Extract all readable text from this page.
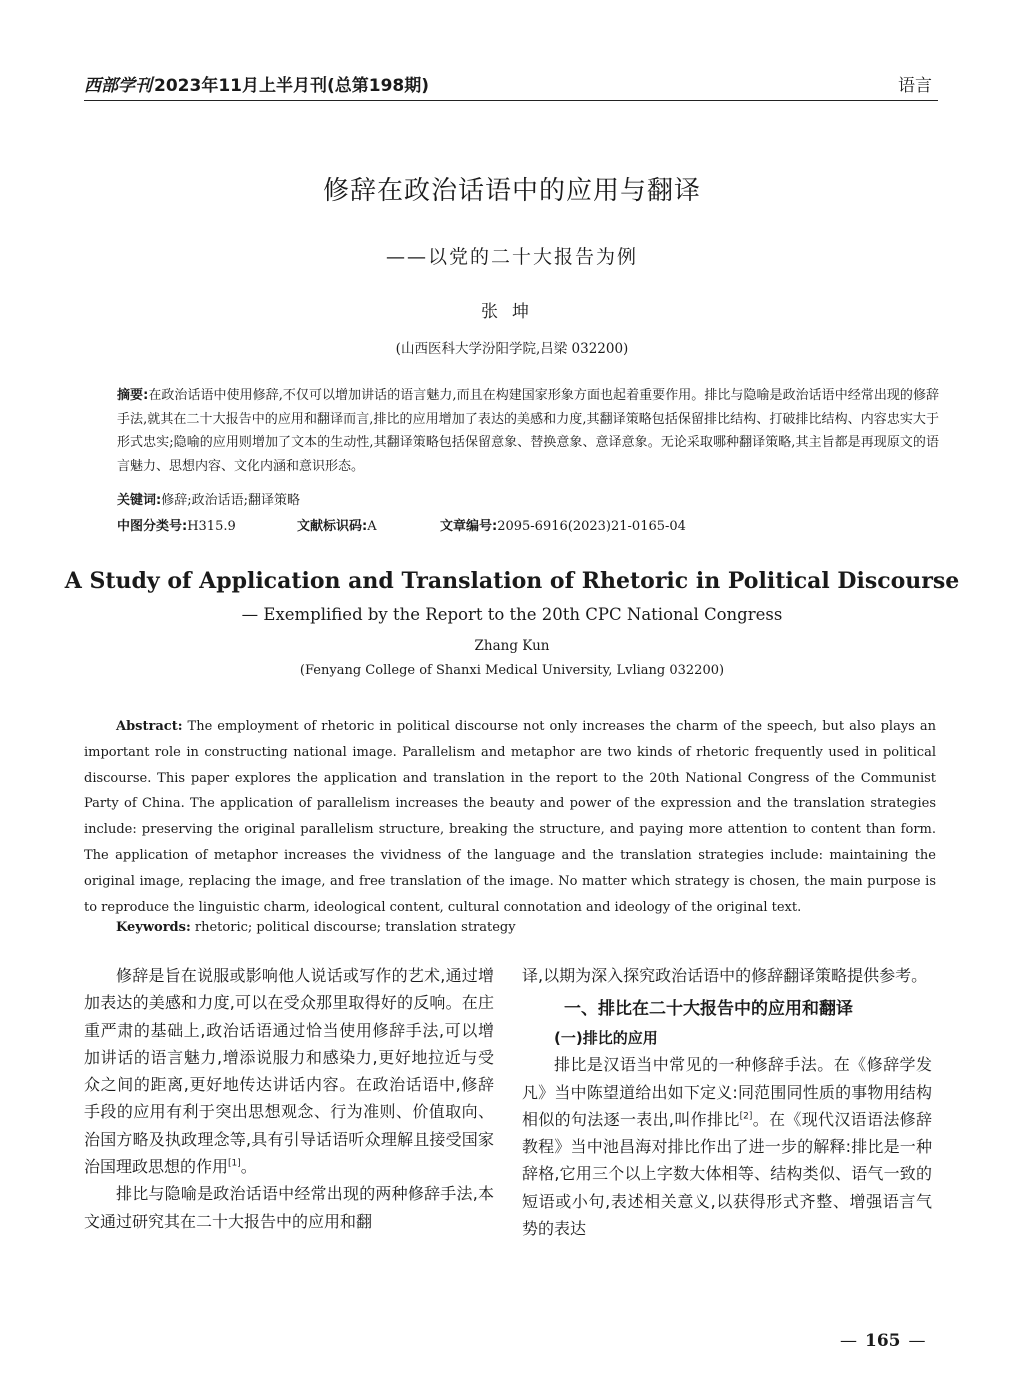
西部学刊 2023年11月上半月刊(总第198期)	语言
修辞在政治话语中的应用与翻译
——以党的二十大报告为例
张坤
(山西医科大学汾阳学院,吕梁 032200)

摘要:在政治话语中使用修辞,不仅可以增加讲话的语言魅力,而且在构建国家形象方面也起着重要作用。排比与隐喻是政治话语中经常出现的修辞手法,就其在二十大报告中的应用和翻译而言,排比的应用增加了表达的美感和力度,其翻译策略包括保留排比结构、打破排比结构、内容忠实大于形式忠实;隐喻的应用则增加了文本的生动性,其翻译策略包括保留意象、替换意象、意译意象。无论采取哪种翻译策略,其主旨都是再现原文的语言魅力、思想内容、文化内涵和意识形态。

关键词:修辞;政治话语;翻译策略
中图分类号:H315.9	文献标识码:A	文章编号:2095-6916(2023)21-0165-04
A Study of Application and Translation of Rhetoric in Political Discourse
— Exemplified by the Report to the 20th CPC National Congress
Zhang Kun
(Fenyang College of Shanxi Medical University, Lvliang 032200)

Abstract: The employment of rhetoric in political discourse not only increases the charm of the speech, but also plays an important role in constructing national image. Parallelism and metaphor are two kinds of rhetoric frequently used in political discourse. This paper explores the application and translation in the report to the 20th National Congress of the Communist Party of China. The application of parallelism increases the beauty and power of the expression and the translation strategies include: preserving the original parallelism structure, breaking the structure, and paying more attention to content than form. The application of metaphor increases the vividness of the language and the translation strategies include: maintaining the original image, replacing the image, and free translation of the image. No matter which strategy is chosen, the main purpose is to reproduce the linguistic charm, ideological content, cultural connotation and ideology of the original text.

Keywords: rhetoric; political discourse; translation strategy

修辞是旨在说服或影响他人说话或写作的艺术,通过增加表达的美感和力度,可以在受众那里取得好的反响。在庄重严肃的基础上,政治话语通过恰当使用修辞手法,可以增加讲话的语言魅力,增添说服力和感染力,更好地拉近与受众之间的距离,更好地传达讲话内容。在政治话语中,修辞手段的应用有利于突出思想观念、行为准则、价值取向、治国方略及执政理念等,具有引导话语听众理解且接受国家治国理政思想的作用[1]。

排比与隐喻是政治话语中经常出现的两种修辞手法,本文通过研究其在二十大报告中的应用和翻

译,以期为深入探究政治话语中的修辞翻译策略提供参考。

一、排比在二十大报告中的应用和翻译
(一)排比的应用

排比是汉语当中常见的一种修辞手法。在《修辞学发凡》当中陈望道给出如下定义:同范围同性质的事物用结构相似的句法逐一表出,叫作排比[2]。在《现代汉语语法修辞教程》当中池昌海对排比作出了进一步的解释:排比是一种辞格,它用三个以上字数大体相等、结构类似、语气一致的短语或小句,表述相关意义,以获得形式齐整、增强语言气势的表达

— 165 —
